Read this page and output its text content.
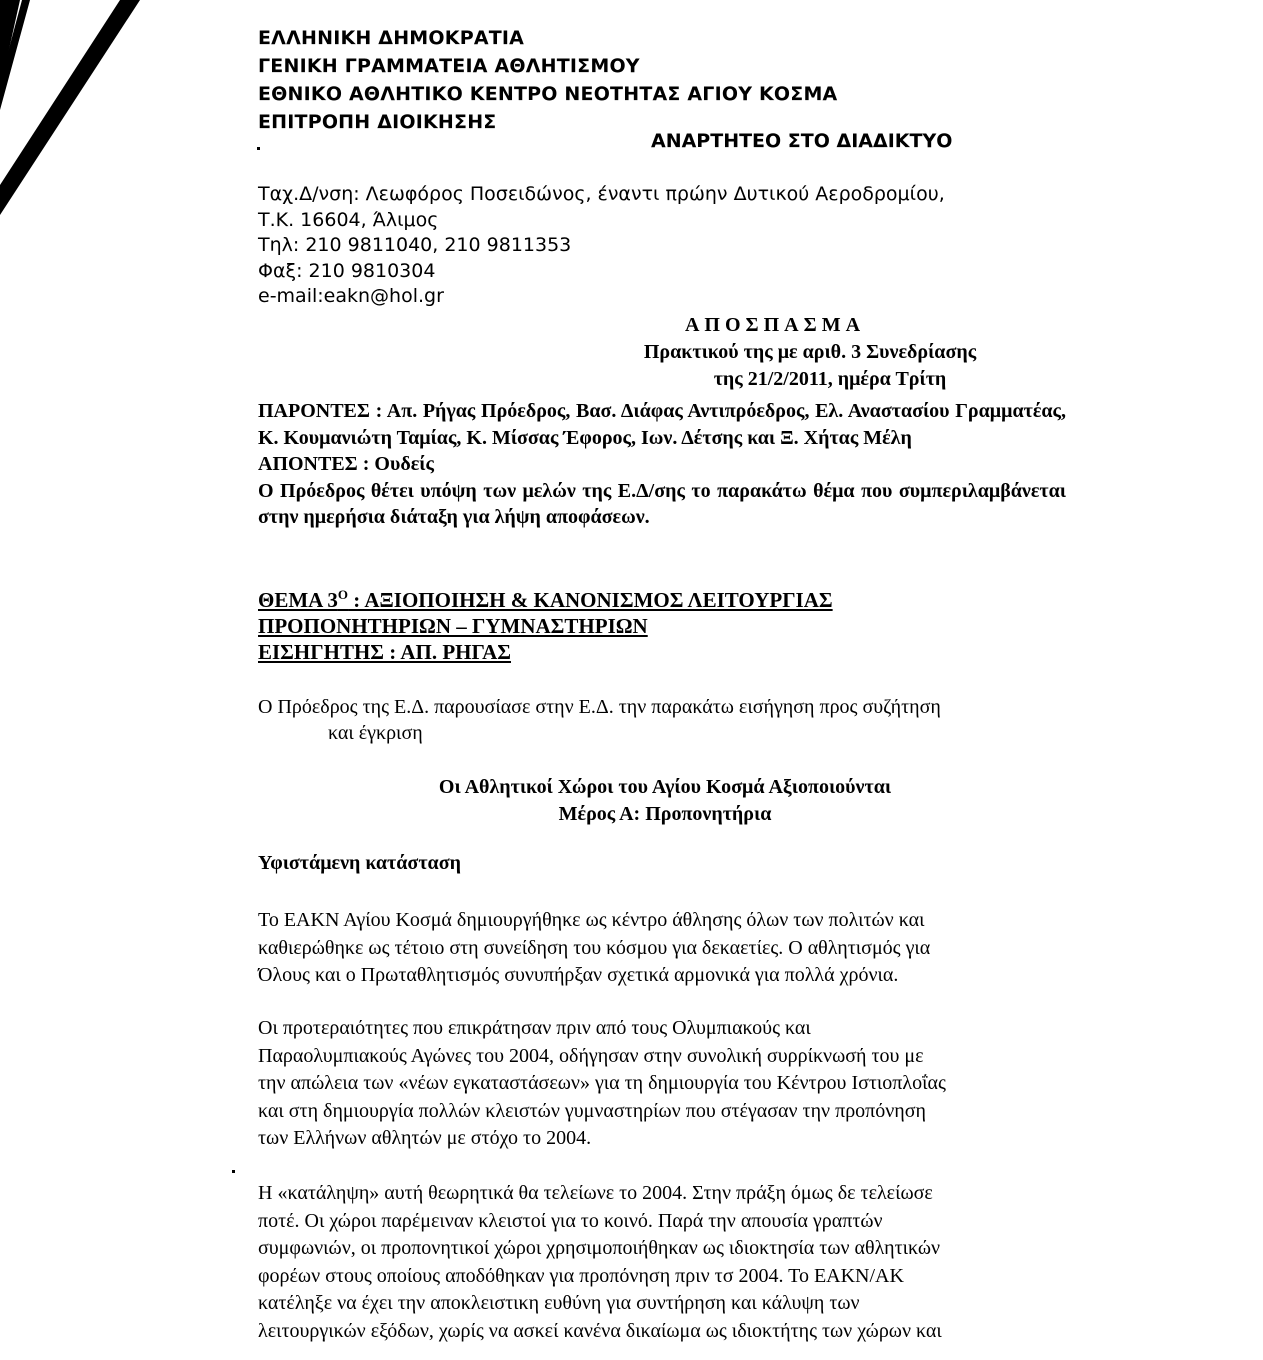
ΕΛΛΗΝΙΚΗ ΔΗΜΟΚΡΑΤΙΑ
ΓΕΝΙΚΗ ΓΡΑΜΜΑΤΕΙΑ ΑΘΛΗΤΙΣΜΟΥ
ΕΘΝΙΚΟ ΑΘΛΗΤΙΚΟ ΚΕΝΤΡΟ ΝΕΟΤΗΤΑΣ ΑΓΙΟΥ ΚΟΣΜΑ
ΕΠΙΤΡΟΠΗ ΔΙΟΙΚΗΣΗΣ
ΑΝΑΡΤΗΤΕΟ ΣΤΟ ΔΙΑΔΙΚΤΥΟ
Ταχ.Δ/νση: Λεωφόρος Ποσειδώνος, έναντι πρώην Δυτικού Αεροδρομίου,
Τ.Κ. 16604, Άλιμος
Τηλ: 210 9811040, 210 9811353
Φαξ: 210 9810304
e-mail:eakn@hol.gr
ΑΠΟΣΠΑΣΜΑ
Πρακτικού της με αριθ. 3 Συνεδρίασης
της 21/2/2011, ημέρα Τρίτη

ΠΑΡΟΝΤΕΣ : Απ. Ρήγας Πρόεδρος, Βασ. Διάφας Αντιπρόεδρος, Ελ. Αναστασίου Γραμματέας, Κ. Κουμανιώτη Ταμίας, Κ. Μίσσας Έφορος, Ιων. Δέτσης και Ξ. Χήτας Μέλη

ΑΠΟΝΤΕΣ : Ουδείς

Ο Πρόεδρος θέτει υπόψη των μελών της Ε.Δ/σης το παρακάτω θέμα που συμπεριλαμβάνεται στην ημερήσια διάταξη για λήψη αποφάσεων.

ΘΕΜΑ $3^O$ : ΑΞΙΟΠΟΙΗΣΗ & ΚΑΝΟΝΙΣΜΟΣ ΛΕΙΤΟΥΡΓΙΑΣ
ΠΡΟΠΟΝΗΤΗΡΙΩΝ – ΓΥΜΝΑΣΤΗΡΙΩΝ
ΕΙΣΗΓΗΤΗΣ : ΑΠ. ΡΗΓΑΣ
Ο Πρόεδρος της Ε.Δ. παρουσίασε στην Ε.Δ. την παρακάτω εισήγηση προς συζήτηση
και έγκριση
Οι Αθλητικοί Χώροι του Αγίου Κοσμά Αξιοποιούνται
Μέρος Α: Προπονητήρια
Υφιστάμενη κατάσταση
Το ΕΑΚΝ Αγίου Κοσμά δημιουργήθηκε ως κέντρο άθλησης όλων των πολιτών και
καθιερώθηκε ως τέτοιο στη συνείδηση του κόσμου για δεκαετίες. Ο αθλητισμός για
Όλους και ο Πρωταθλητισμός συνυπήρξαν σχετικά αρμονικά για πολλά χρόνια.
Οι προτεραιότητες που επικράτησαν πριν από τους Ολυμπιακούς και
Παραολυμπιακούς Αγώνες του 2004, οδήγησαν στην συνολική συρρίκνωσή του με
την απώλεια των «νέων εγκαταστάσεων» για τη δημιουργία του Κέντρου Ιστιοπλοΐας
και στη δημιουργία πολλών κλειστών γυμναστηρίων που στέγασαν την προπόνηση
των Ελλήνων αθλητών με στόχο το 2004.
Η «κατάληψη» αυτή θεωρητικά θα τελείωνε το 2004. Στην πράξη όμως δε τελείωσε
ποτέ. Οι χώροι παρέμειναν κλειστοί για το κοινό. Παρά την απουσία γραπτών
συμφωνιών, οι προπονητικοί χώροι χρησιμοποιήθηκαν ως ιδιοκτησία των αθλητικών
φορέων στους οποίους αποδόθηκαν για προπόνηση πριν τσ 2004. Το ΕΑΚΝ/ΑΚ
κατέληξε να έχει την αποκλειστικη ευθύνη για συντήρηση και κάλυψη των
λειτουργικών εξόδων, χωρίς να ασκεί κανένα δικαίωμα ως ιδιοκτήτης των χώρων και
